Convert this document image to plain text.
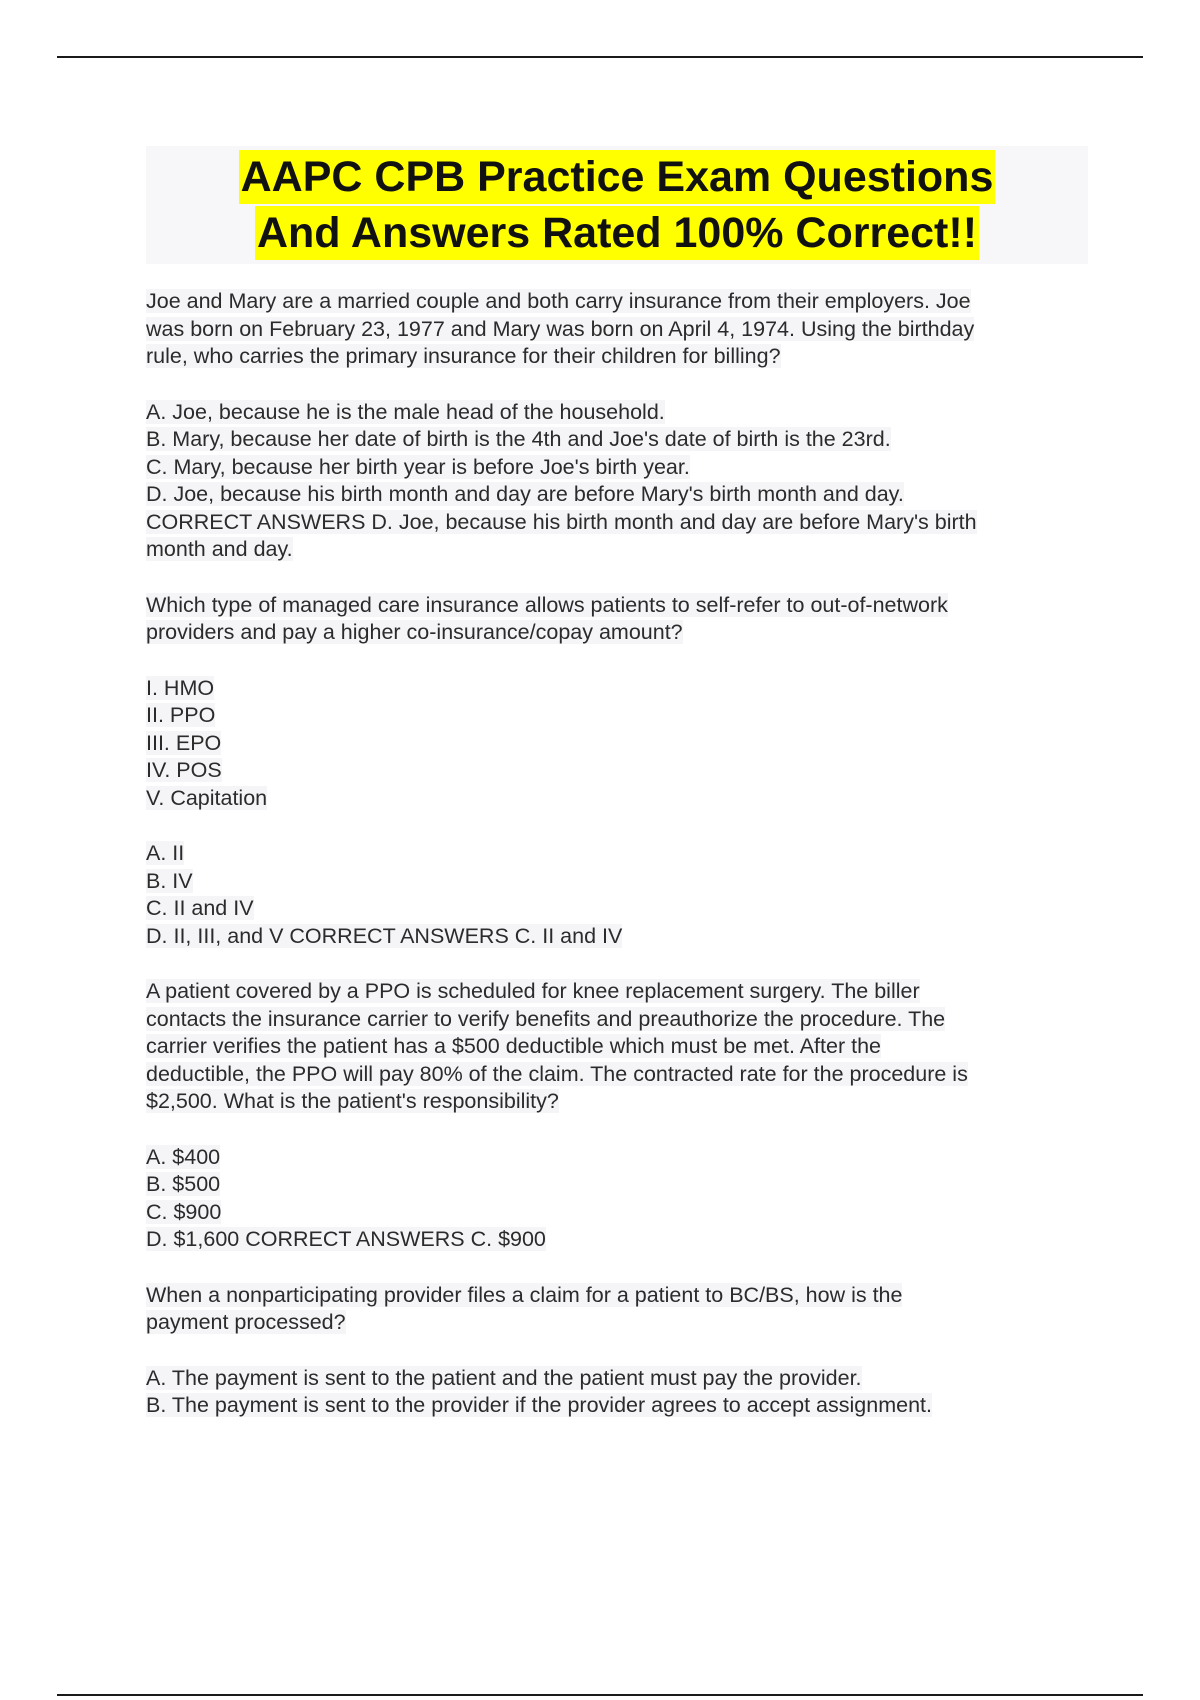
AAPC CPB Practice Exam Questions
And Answers Rated 100% Correct!!
Joe and Mary are a married couple and both carry insurance from their employers. Joe
was born on February 23, 1977 and Mary was born on April 4, 1974. Using the birthday
rule, who carries the primary insurance for their children for billing?
A. Joe, because he is the male head of the household.
B. Mary, because her date of birth is the 4th and Joe's date of birth is the 23rd.
C. Mary, because her birth year is before Joe's birth year.
D. Joe, because his birth month and day are before Mary's birth month and day.
CORRECT ANSWERS D. Joe, because his birth month and day are before Mary's birth
month and day.
Which type of managed care insurance allows patients to self-refer to out-of-network
providers and pay a higher co-insurance/copay amount?
I. HMO
II. PPO
III. EPO
IV. POS
V. Capitation
A. II
B. IV
C. II and IV
D. II, III, and V CORRECT ANSWERS C. II and IV
A patient covered by a PPO is scheduled for knee replacement surgery. The biller
contacts the insurance carrier to verify benefits and preauthorize the procedure. The
carrier verifies the patient has a $500 deductible which must be met. After the
deductible, the PPO will pay 80% of the claim. The contracted rate for the procedure is
$2,500. What is the patient's responsibility?
A. $400
B. $500
C. $900
D. $1,600 CORRECT ANSWERS C. $900
When a nonparticipating provider files a claim for a patient to BC/BS, how is the
payment processed?
A. The payment is sent to the patient and the patient must pay the provider.
B. The payment is sent to the provider if the provider agrees to accept assignment.
